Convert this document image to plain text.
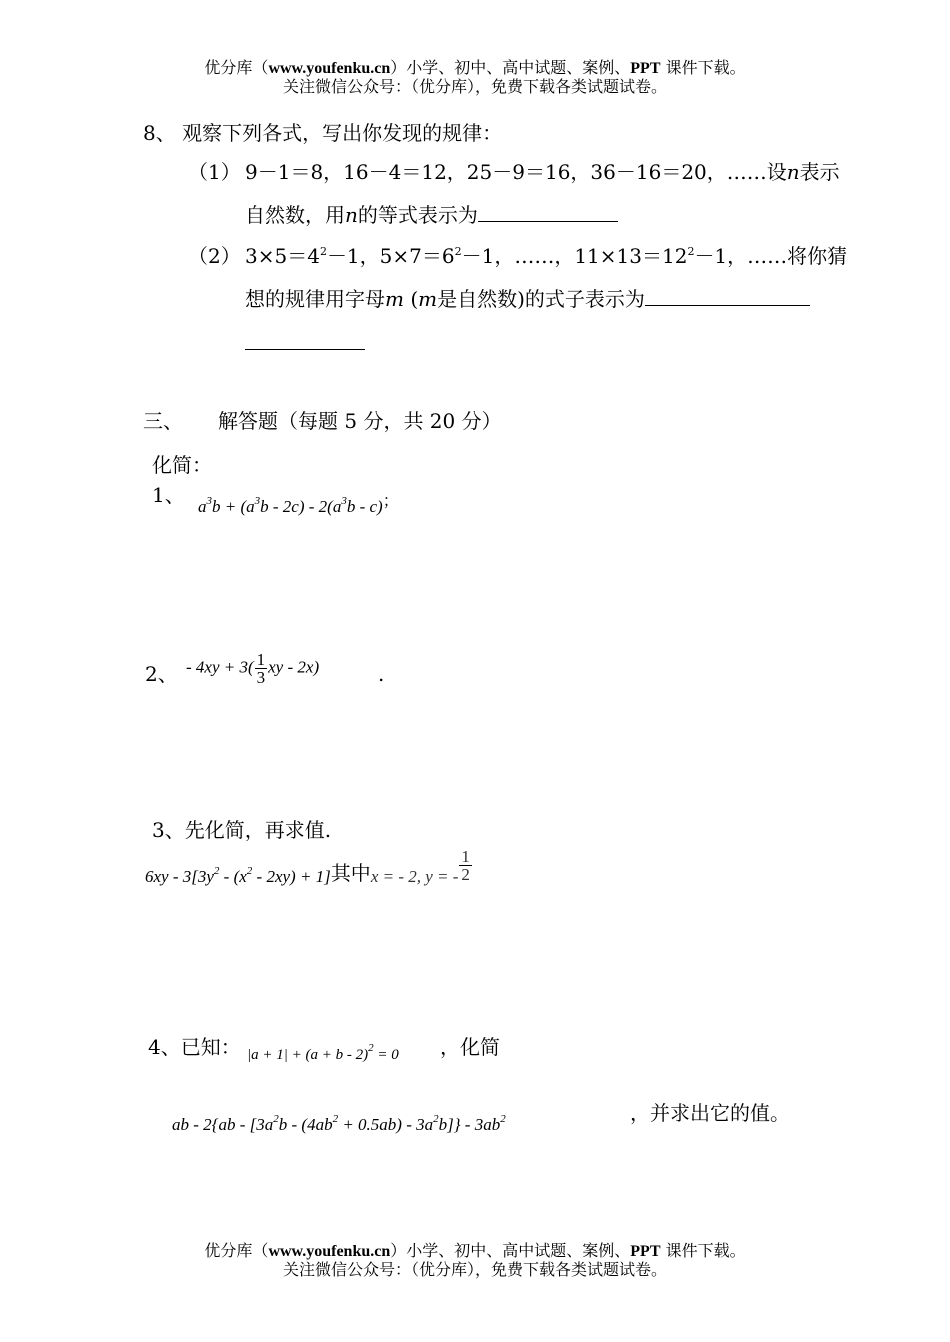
优分库（www.youfenku.cn）小学、初中、高中试题、案例、PPT 课件下载。
关注微信公众号：（优分库），免费下载各类试题试卷。
8、 观察下列各式，写出你发现的规律：
（1） 9－1＝8，16－4＝12，25－9＝16，36－16＝20，……设n表示
自然数，用n的等式表示为
（2） $3\times 5=4^2-1$，$5\times 7=6^2-1$，……，$11\times 13=12^2-1$，……将你猜
想的规律用字母m (m是自然数)的式子表示为
三、 解答题（每题 5 分，共 20 分）
化简：
1、 $a^3b + (a^3b - 2c) - 2(a^3b - c)$；
2、 - $4xy + 3( \frac{1}{3}$ xy - 2x)	.
3、先化简，再求值.
$6xy - 3[3y^2 - (x^2 - 2xy) + 1]$其中x = - 2, y = - $\frac{1}{2}$
4、已知： $|a + 1| + (a + b - 2)^2 = 0$ ，化简
ab - $2\{ab - [3a^2b - (4ab^2 + 0.5ab) - 3a^2b]\} - 3ab^2$	，并求出它的值。
优分库（www.youfenku.cn）小学、初中、高中试题、案例、PPT 课件下载。
关注微信公众号：（优分库），免费下载各类试题试卷。
